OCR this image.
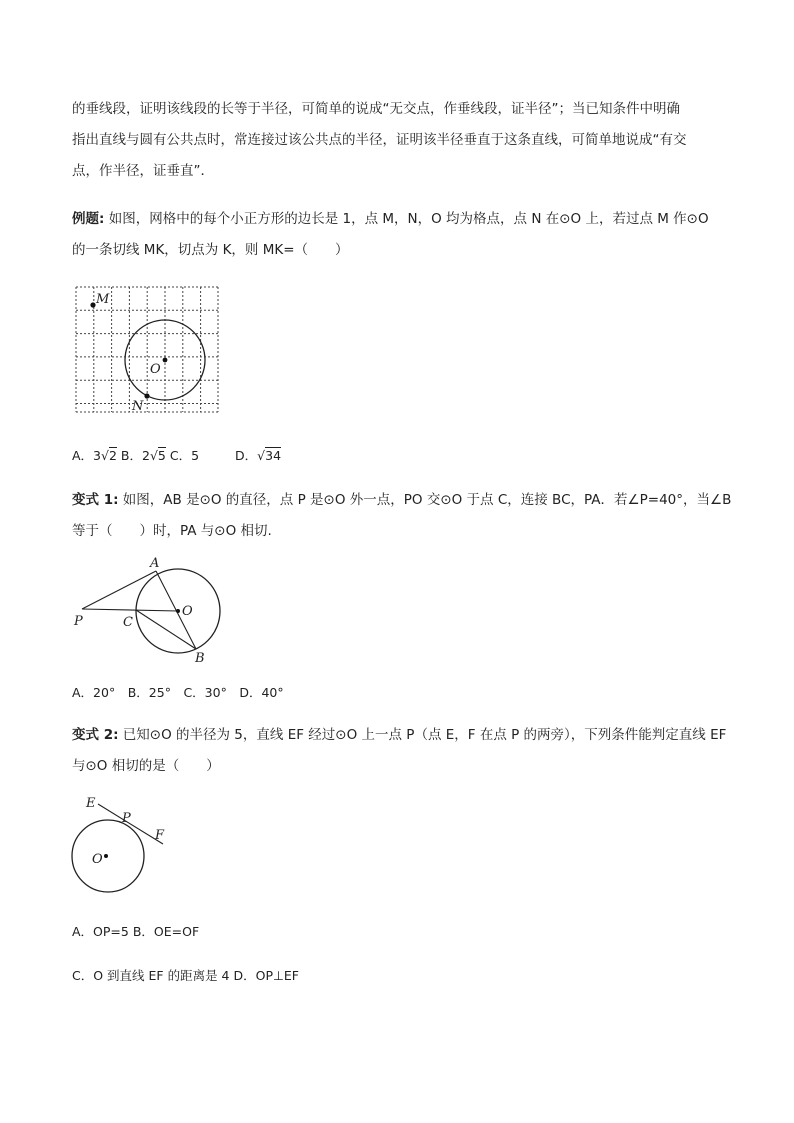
的垂线段，证明该线段的长等于半径，可简单的说成“无交点，作垂线段，证半径”；当已知条件中明确
指出直线与圆有公共点时，常连接过该公共点的半径，证明该半径垂直于这条直线，可简单地说成“有交
点，作半径，证垂直”．
例题: 如图，网格中的每个小正方形的边长是 1，点 M，N，O 均为格点，点 N 在⊙O 上，若过点 M 作⊙O
的一条切线 MK，切点为 K，则 MK=（　　）
M
O
N
A．3√2 B．2√5 C．5	D．√34
变式 1: 如图，AB 是⊙O 的直径，点 P 是⊙O 外一点，PO 交⊙O 于点 C，连接 BC，PA．若∠P=40°，当∠B
等于（　　）时，PA 与⊙O 相切.
A
O
P	C
B
A．20°　B．25°　C．30°　D．40°
变式 2: 已知⊙O 的半径为 5，直线 EF 经过⊙O 上一点 P（点 E，F 在点 P 的两旁），下列条件能判定直线 EF
与⊙O 相切的是（　　）
E
P
F
O
A．OP=5 B．OE=OF
C．O 到直线 EF 的距离是 4 D．OP⊥EF
